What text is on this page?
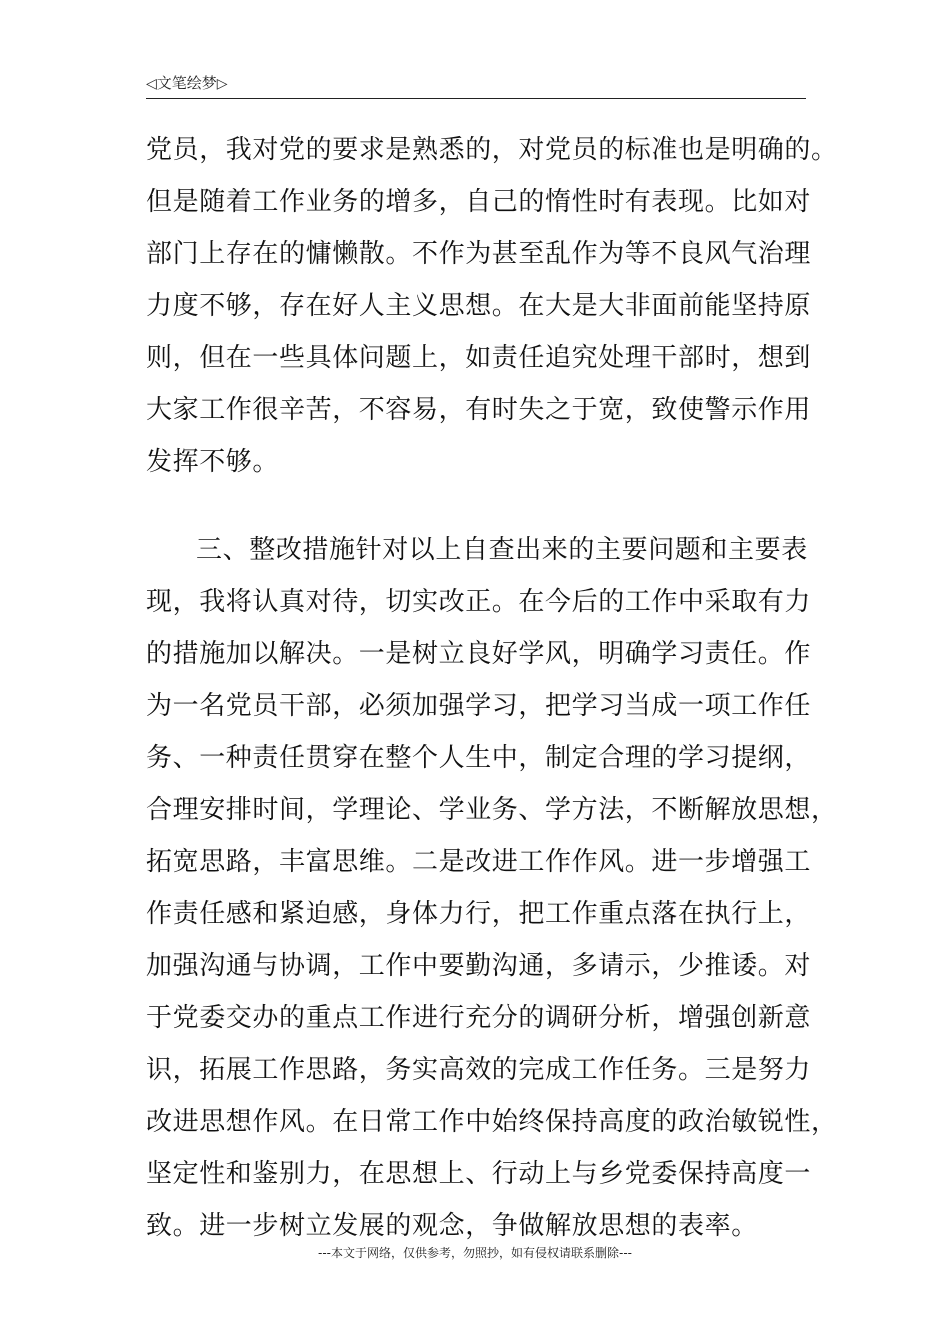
◁文笔绘梦▷
党员，我对党的要求是熟悉的，对党员的标准也是明确的。
但是随着工作业务的增多，自己的惰性时有表现。比如对
部门上存在的慵懒散。不作为甚至乱作为等不良风气治理
力度不够，存在好人主义思想。在大是大非面前能坚持原
则，但在一些具体问题上，如责任追究处理干部时，想到
大家工作很辛苦，不容易，有时失之于宽，致使警示作用
发挥不够。
三、整改措施针对以上自查出来的主要问题和主要表
现，我将认真对待，切实改正。在今后的工作中采取有力
的措施加以解决。一是树立良好学风，明确学习责任。作
为一名党员干部，必须加强学习，把学习当成一项工作任
务、一种责任贯穿在整个人生中，制定合理的学习提纲，
合理安排时间，学理论、学业务、学方法，不断解放思想，
拓宽思路，丰富思维。二是改进工作作风。进一步增强工
作责任感和紧迫感，身体力行，把工作重点落在执行上，
加强沟通与协调，工作中要勤沟通，多请示，少推诿。对
于党委交办的重点工作进行充分的调研分析，增强创新意
识，拓展工作思路，务实高效的完成工作任务。三是努力
改进思想作风。在日常工作中始终保持高度的政治敏锐性，
坚定性和鉴别力，在思想上、行动上与乡党委保持高度一
致。进一步树立发展的观念，争做解放思想的表率。
---本文于网络，仅供参考，勿照抄，如有侵权请联系删除---
